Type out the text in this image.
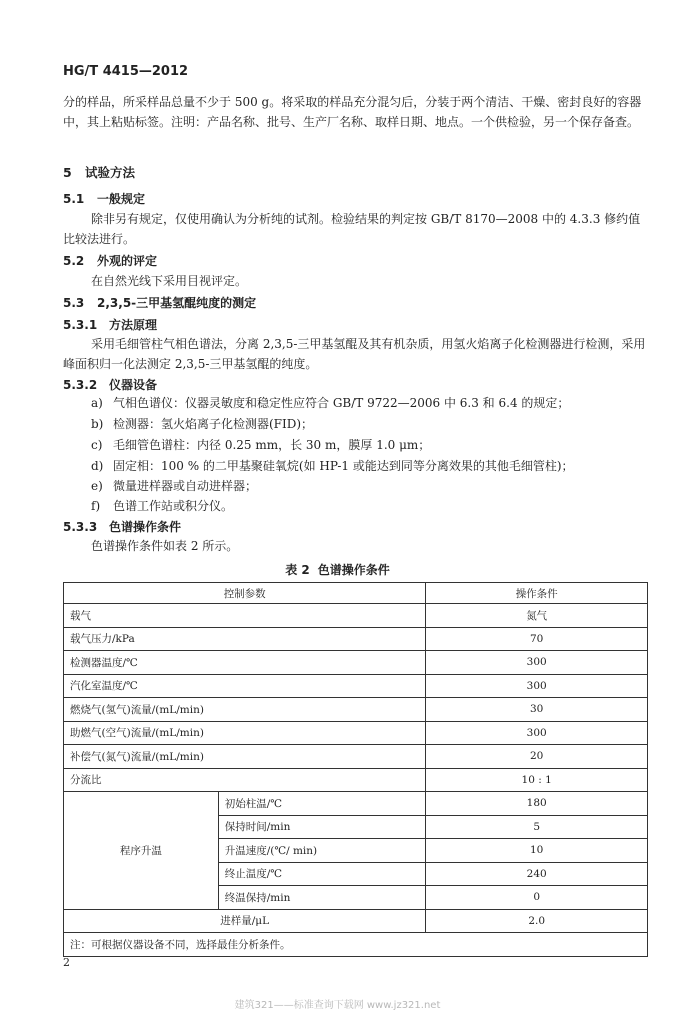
HG/T 4415—2012
分的样品，所采样品总量不少于 500 g。将采取的样品充分混匀后，分装于两个清洁、干燥、密封良好的容器中，其上粘贴标签。注明：产品名称、批号、生产厂名称、取样日期、地点。一个供检验，另一个保存备查。
5 试验方法
5.1 一般规定
除非另有规定，仅使用确认为分析纯的试剂。检验结果的判定按 GB/T 8170—2008 中的 4.3.3 修约值比较法进行。
5.2 外观的评定
在自然光线下采用目视评定。
5.3 2,3,5-三甲基氢醌纯度的测定
5.3.1 方法原理
采用毛细管柱气相色谱法，分离 2,3,5-三甲基氢醌及其有机杂质，用氢火焰离子化检测器进行检测，采用峰面积归一化法测定 2,3,5-三甲基氢醌的纯度。
5.3.2 仪器设备
a) 气相色谱仪：仪器灵敏度和稳定性应符合 GB/T 9722—2006 中 6.3 和 6.4 的规定；
b) 检测器：氢火焰离子化检测器(FID)；
c) 毛细管色谱柱：内径 0.25 mm，长 30 m，膜厚 1.0 μm；
d) 固定相：100 % 的二甲基聚硅氧烷(如 HP-1 或能达到同等分离效果的其他毛细管柱)；
e) 微量进样器或自动进样器；
f) 色谱工作站或积分仪。
5.3.3 色谱操作条件
色谱操作条件如表 2 所示。
表 2 色谱操作条件
控制参数		操作条件
载气		氮气
载气压力/kPa		70
检测器温度/℃		300
汽化室温度/℃		300
燃烧气(氢气)流量/(mL/min)		30
助燃气(空气)流量/(mL/min)		300
补偿气(氮气)流量/(mL/min)		20
分流比		10 : 1
程序升温	初始柱温/℃	180
	保持时间/min	5
	升温速度/(℃/ min)	10
	终止温度/℃	240
	终温保持/min	0
进样量/μL		2.0
注：可根据仪器设备不同，选择最佳分析条件。		
2
建筑321——标准查询下载网 www.jz321.net
